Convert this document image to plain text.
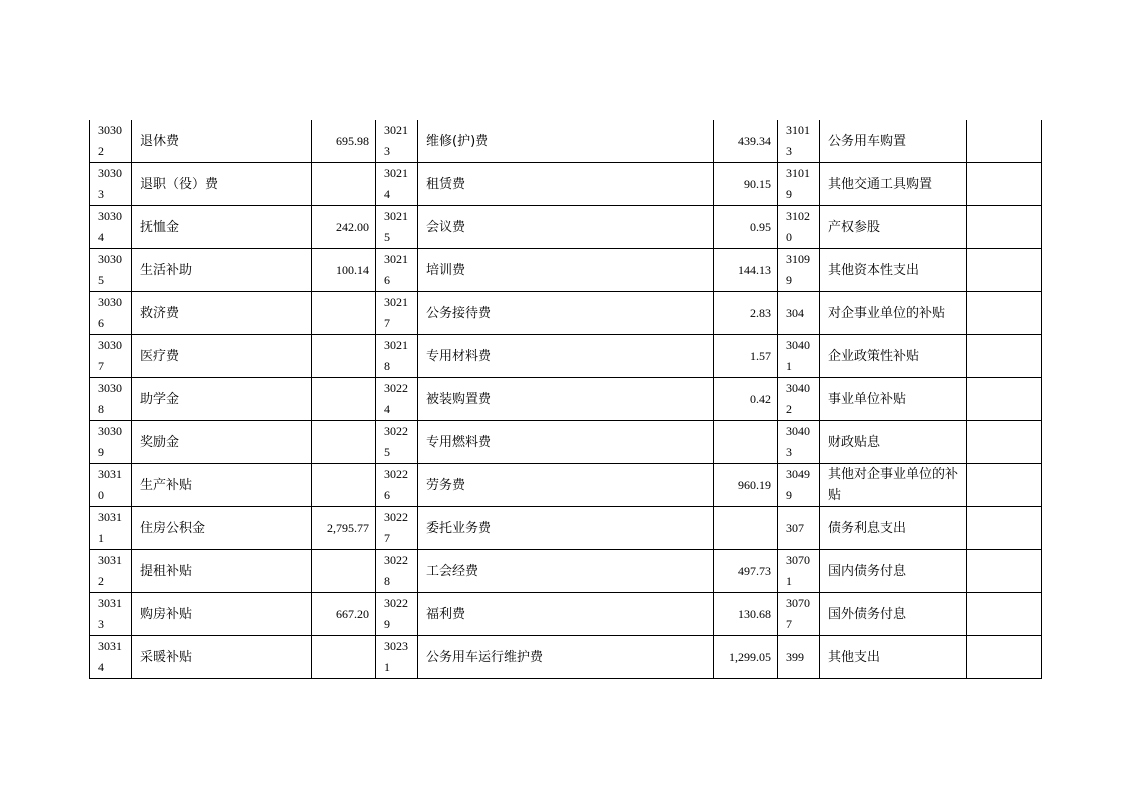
30302	退休费	695.98	30213	维修(护)费	439.34	31013	公务用车购置	
30303	退职（役）费		30214	租赁费	90.15	31019	其他交通工具购置	
30304	抚恤金	242.00	30215	会议费	0.95	31020	产权参股	
30305	生活补助	100.14	30216	培训费	144.13	31099	其他资本性支出	
30306	救济费		30217	公务接待费	2.83	304	对企事业单位的补贴	
30307	医疗费		30218	专用材料费	1.57	30401	企业政策性补贴	
30308	助学金		30224	被装购置费	0.42	30402	事业单位补贴	
30309	奖励金		30225	专用燃料费		30403	财政贴息	
30310	生产补贴		30226	劳务费	960.19	30499	其他对企事业单位的补贴	
30311	住房公积金	2,795.77	30227	委托业务费		307	债务利息支出	
30312	提租补贴		30228	工会经费	497.73	30701	国内债务付息	
30313	购房补贴	667.20	30229	福利费	130.68	30707	国外债务付息	
30314	采暖补贴		30231	公务用车运行维护费	1,299.05	399	其他支出	
